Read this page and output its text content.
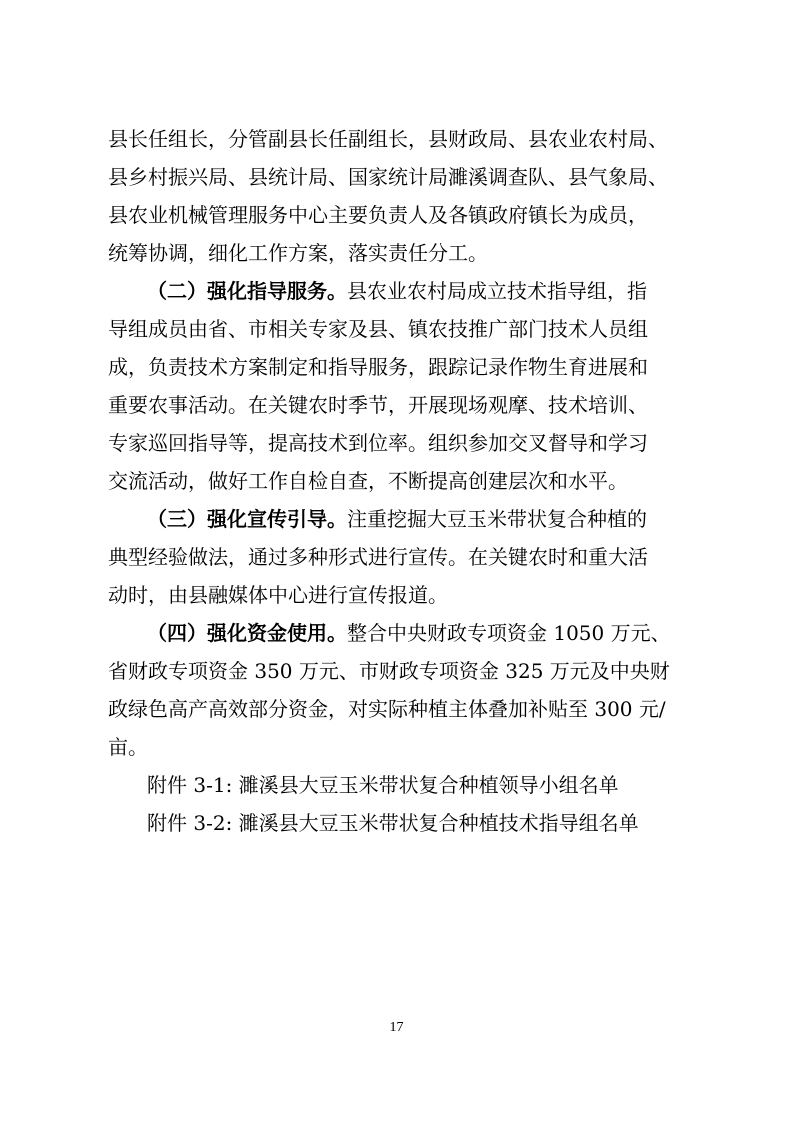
县长任组长，分管副县长任副组长，县财政局、县农业农村局、
县乡村振兴局、县统计局、国家统计局濉溪调查队、县气象局、
县农业机械管理服务中心主要负责人及各镇政府镇长为成员，
统筹协调，细化工作方案，落实责任分工。
（二）强化指导服务。县农业农村局成立技术指导组，指
导组成员由省、市相关专家及县、镇农技推广部门技术人员组
成，负责技术方案制定和指导服务，跟踪记录作物生育进展和
重要农事活动。在关键农时季节，开展现场观摩、技术培训、
专家巡回指导等，提高技术到位率。组织参加交叉督导和学习
交流活动，做好工作自检自查，不断提高创建层次和水平。
（三）强化宣传引导。注重挖掘大豆玉米带状复合种植的
典型经验做法，通过多种形式进行宣传。在关键农时和重大活
动时，由县融媒体中心进行宣传报道。
（四）强化资金使用。整合中央财政专项资金 1050 万元、
省财政专项资金 350 万元、市财政专项资金 325 万元及中央财
政绿色高产高效部分资金，对实际种植主体叠加补贴至 300 元/
亩。
附件 3-1: 濉溪县大豆玉米带状复合种植领导小组名单
附件 3-2: 濉溪县大豆玉米带状复合种植技术指导组名单
17
